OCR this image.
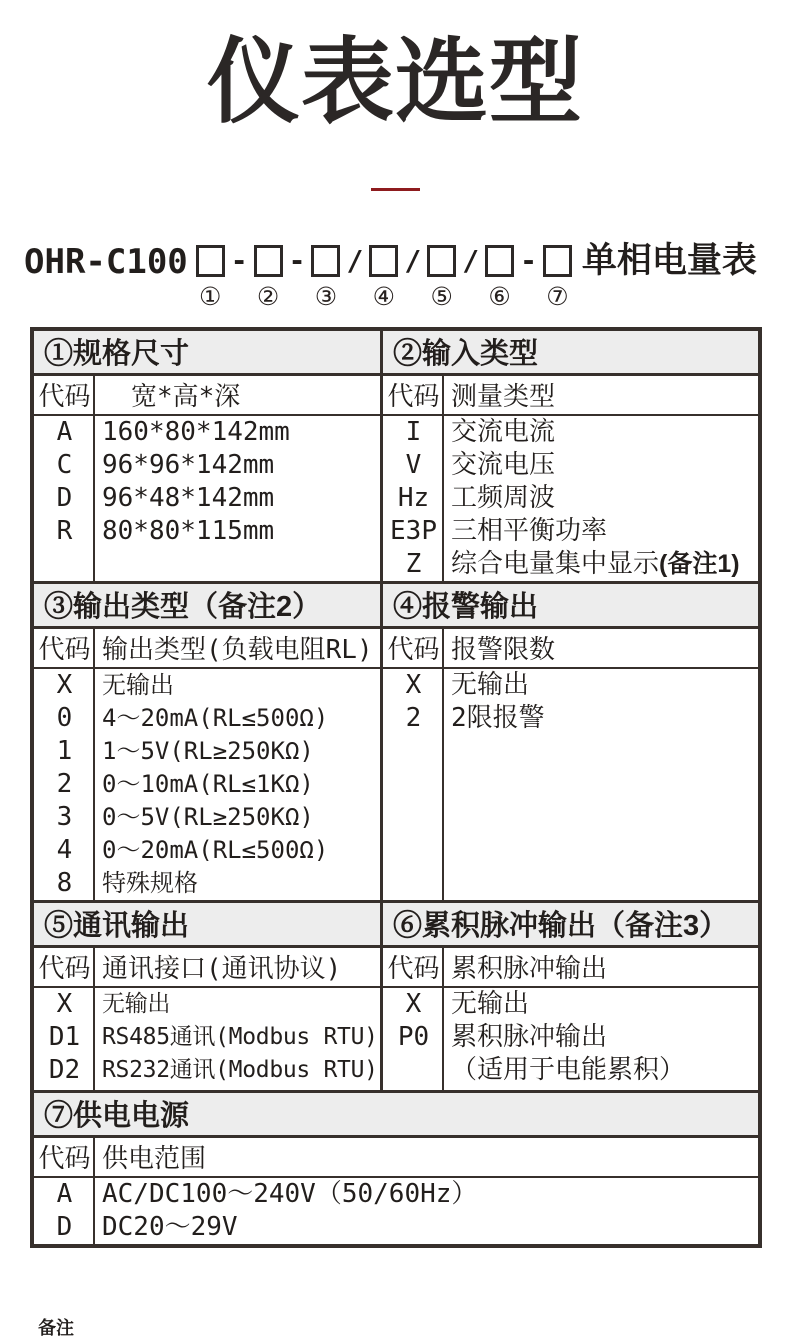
仪表选型
OHR-C100
①
-
②
-
③
/
④
/
⑤
/
⑥
-
⑦
单相电量表
①规格尺寸
代码	宽*高*深
A	160*80*142mm
C	96*96*142mm
D	96*48*142mm
R	80*80*115mm
②输入类型
代码 测量类型
I	交流电流
V	交流电压
Hz 工频周波
E3P 三相平衡功率
Z	综合电量集中显示(备注1)
③输出类型（备注2）
代码 输出类型(负载电阻RL)
X	无输出
0	4～20mA(RL≤500Ω)
1	1～5V(RL≥250KΩ)
2	0～10mA(RL≤1KΩ)
3	0～5V(RL≥250KΩ)
4	0～20mA(RL≤500Ω)
8	特殊规格
④报警输出
代码 报警限数
X	无输出
2	2限报警
⑤通讯输出
代码 通讯接口(通讯协议)
X	无输出
D1 RS485通讯(Modbus RTU)
D2 RS232通讯(Modbus RTU)
⑥累积脉冲输出（备注3）
代码 累积脉冲输出
X	无输出
P0 累积脉冲输出
（适用于电能累积）
⑦供电电源
代码 供电范围
A	AC/DC100～240V（50/60Hz）
D	DC20～29V
备注
